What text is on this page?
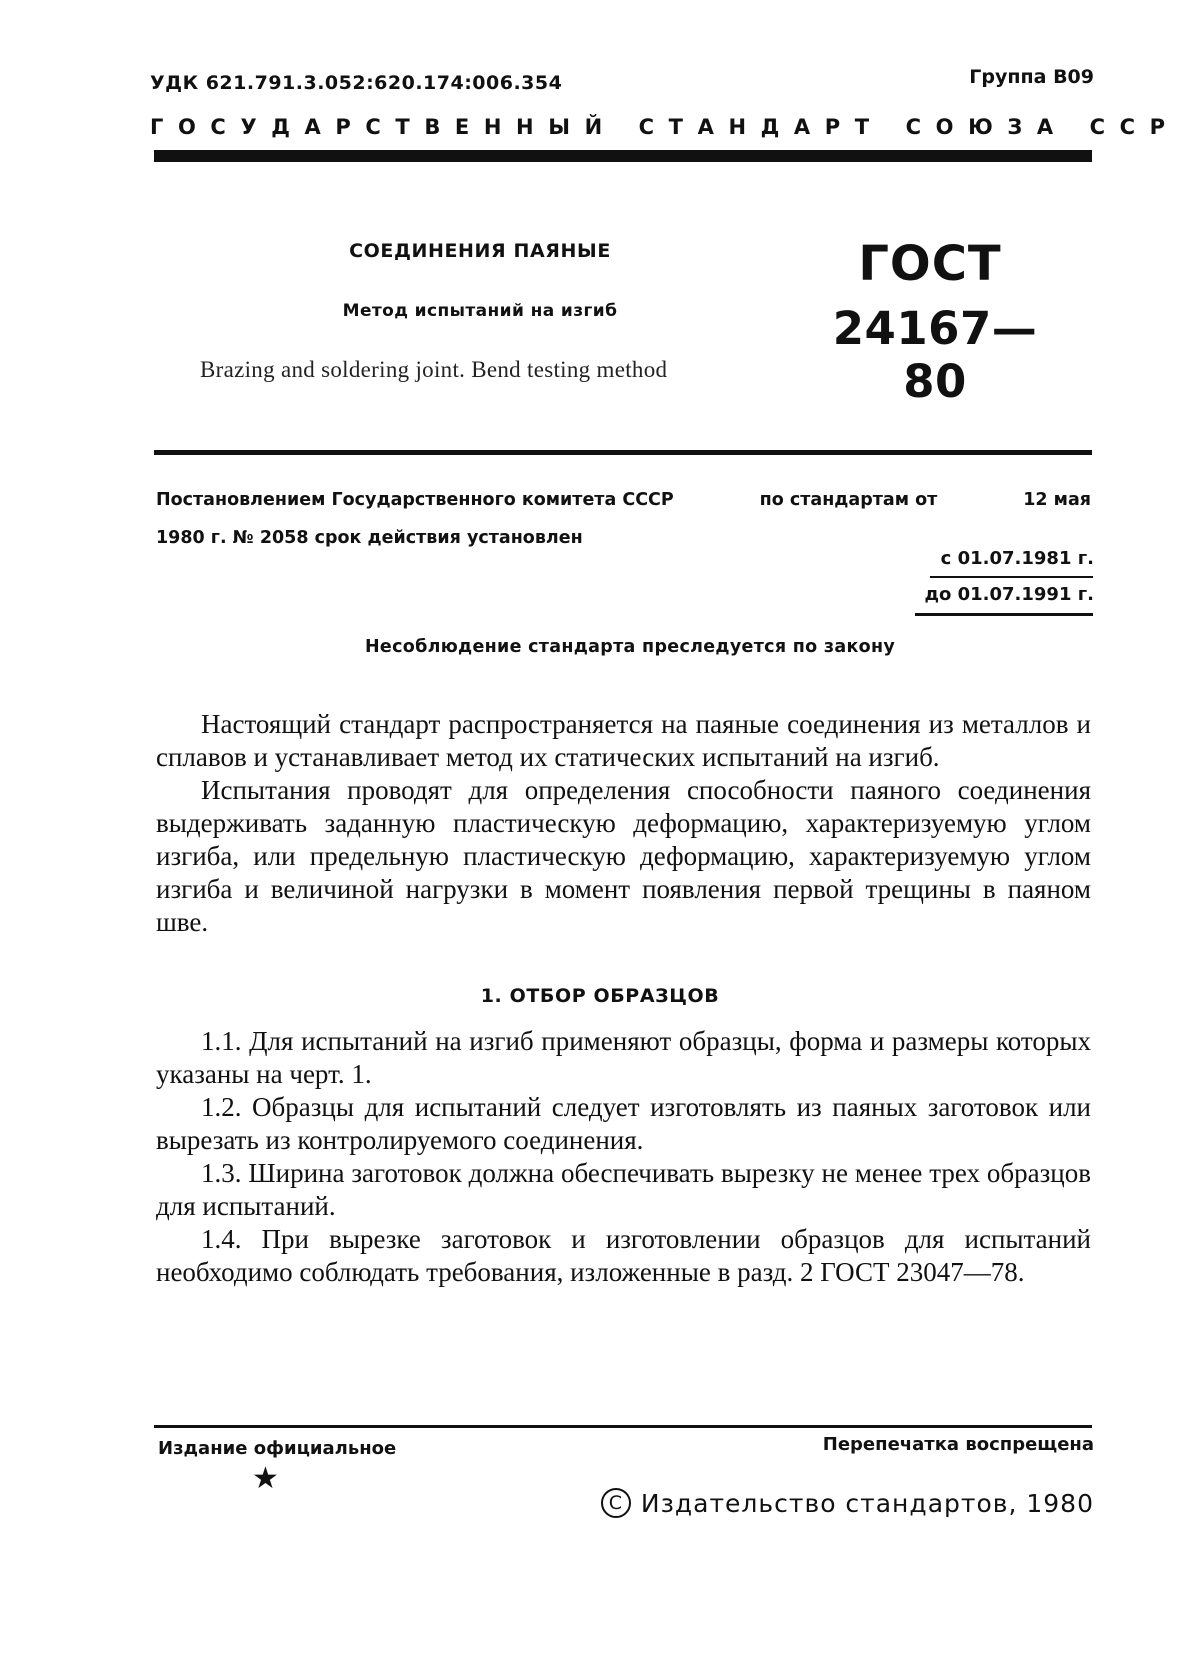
УДК 621.791.3.052:620.174:006.354	Группа В09
ГОСУДАРСТВЕННЫЙ СТАНДАРТ СОЮЗА ССР
СОЕДИНЕНИЯ ПАЯНЫЕ
Метод испытаний на изгиб
Brazing and soldering joint. Bend testing method
ГОСТ
24167—80
Постановлением Государственного комитета СССР	по стандартам от	12 мая
1980 г. № 2058 срок действия установлен
с 01.07.1981 г.
до 01.07.1991 г.
Несоблюдение стандарта преследуется по закону

Настоящий стандарт распространяется на паяные соединения из металлов и сплавов и устанавливает метод их статических испытаний на изгиб.

Испытания проводят для определения способности паяного соединения выдерживать заданную пластическую деформацию, характеризуемую углом изгиба, или предельную пластическую деформацию, характеризуемую углом изгиба и величиной нагрузки в момент появления первой трещины в паяном шве.

1. ОТБОР ОБРАЗЦОВ

1.1. Для испытаний на изгиб применяют образцы, форма и размеры которых указаны на черт. 1.

1.2. Образцы для испытаний следует изготовлять из паяных заготовок или вырезать из контролируемого соединения.

1.3. Ширина заготовок должна обеспечивать вырезку не менее трех образцов для испытаний.

1.4. При вырезке заготовок и изготовлении образцов для испытаний необходимо соблюдать требования, изложенные в разд. 2 ГОСТ 23047—78.

Издание официальное	Перепечатка воспрещена
★
C Издательство стандартов, 1980
